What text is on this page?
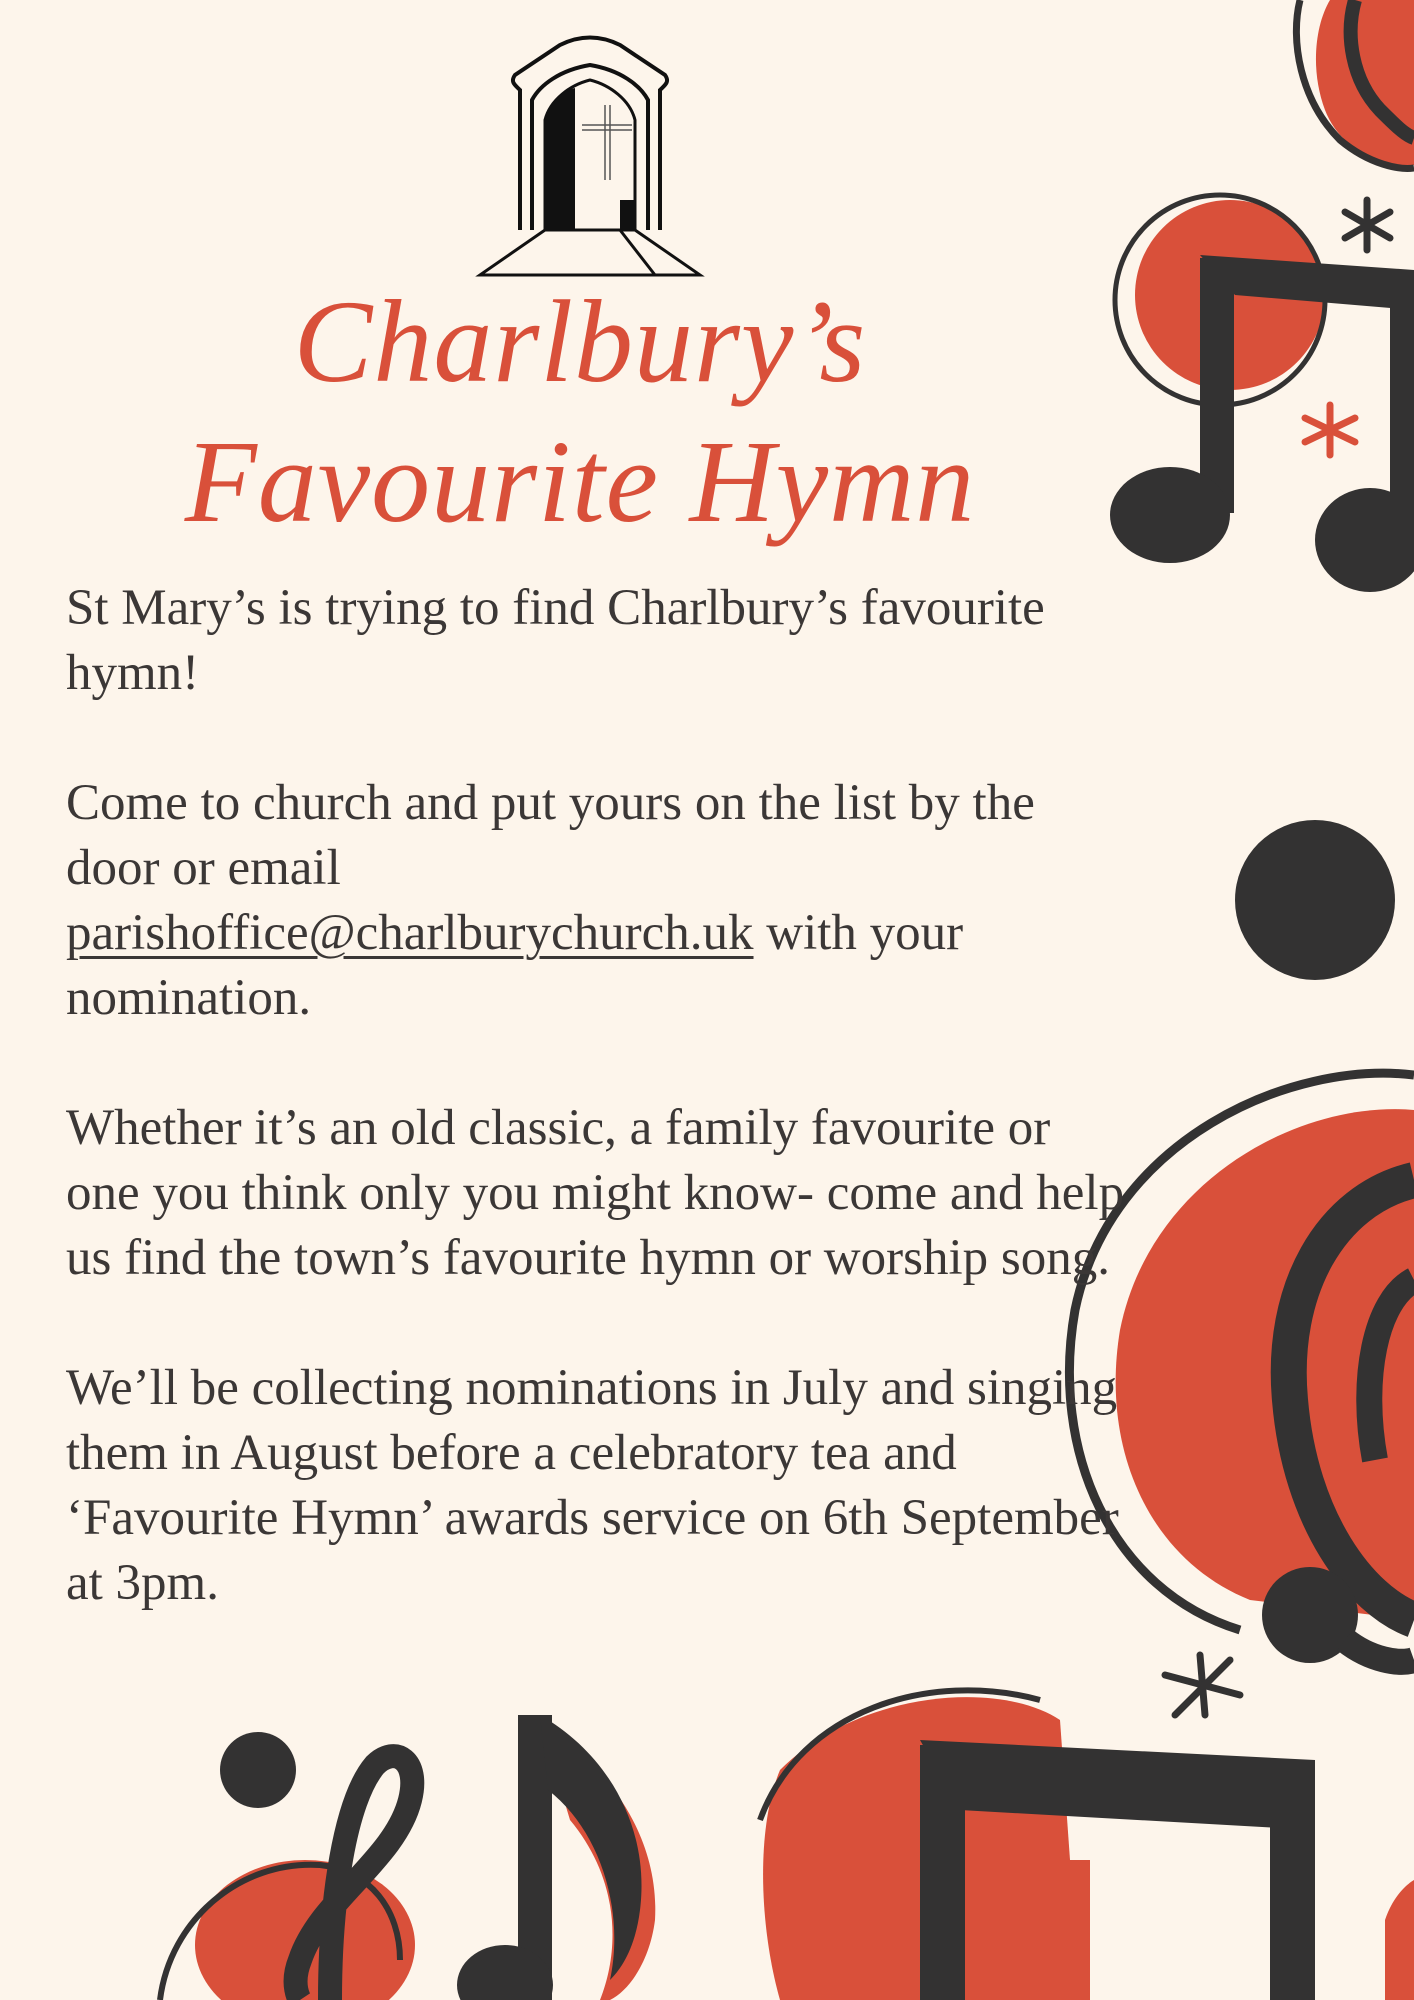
Charlbury’s Favourite Hymn

St Mary’s is trying to find Charlbury’s favourite hymn!

Come to church and put yours on the list by the door or email
parishoffice@charlburychurch.uk with your nomination.

Whether it’s an old classic, a family favourite or one you think only you might know- come and help us find the town’s favourite hymn or worship song.

We’ll be collecting nominations in July and singing them in August before a celebratory tea and ‘Favourite Hymn’ awards service on 6th September at 3pm.
